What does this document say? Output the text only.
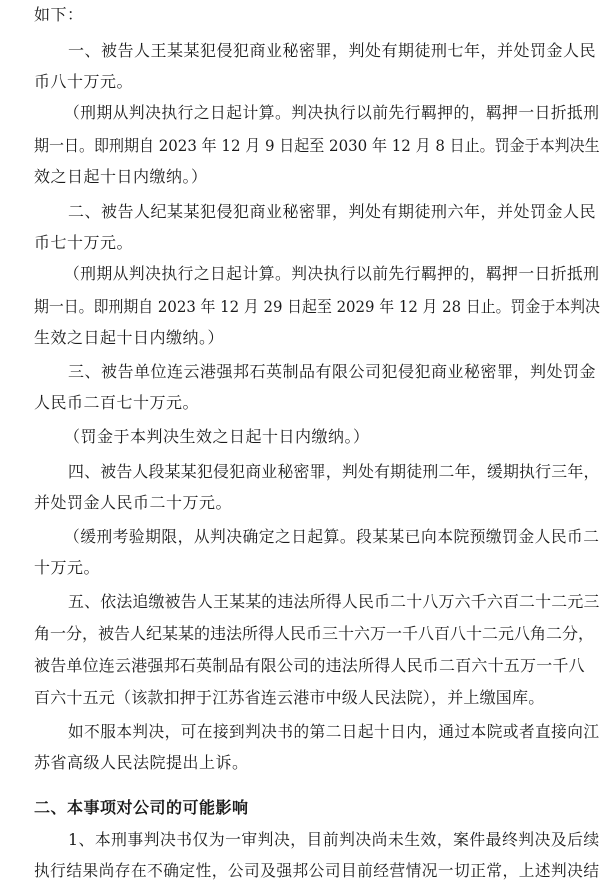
如下：
一、被告人王某某犯侵犯商业秘密罪，判处有期徒刑七年，并处罚金人民
币八十万元。
（刑期从判决执行之日起计算。判决执行以前先行羁押的，羁押一日折抵刑
期一日。即刑期自 2023 年 12 月 9 日起至 2030 年 12 月 8 日止。罚金于本判决生
效之日起十日内缴纳。）
二、被告人纪某某犯侵犯商业秘密罪，判处有期徒刑六年，并处罚金人民
币七十万元。
（刑期从判决执行之日起计算。判决执行以前先行羁押的，羁押一日折抵刑
期一日。即刑期自 2023 年 12 月 29 日起至 2029 年 12 月 28 日止。罚金于本判决
生效之日起十日内缴纳。）
三、被告单位连云港强邦石英制品有限公司犯侵犯商业秘密罪，判处罚金
人民币二百七十万元。
（罚金于本判决生效之日起十日内缴纳。）
四、被告人段某某犯侵犯商业秘密罪，判处有期徒刑二年，缓期执行三年，
并处罚金人民币二十万元。
（缓刑考验期限，从判决确定之日起算。段某某已向本院预缴罚金人民币二
十万元。
五、依法追缴被告人王某某的违法所得人民币二十八万六千六百二十二元三
角一分，被告人纪某某的违法所得人民币三十六万一千八百八十二元八角二分，
被告单位连云港强邦石英制品有限公司的违法所得人民币二百六十五万一千八
百六十五元（该款扣押于江苏省连云港市中级人民法院），并上缴国库。
如不服本判决，可在接到判决书的第二日起十日内，通过本院或者直接向江
苏省高级人民法院提出上诉。
二、本事项对公司的可能影响
1、本刑事判决书仅为一审判决，目前判决尚未生效，案件最终判决及后续
执行结果尚存在不确定性，公司及强邦公司目前经营情况一切正常，上述判决结
